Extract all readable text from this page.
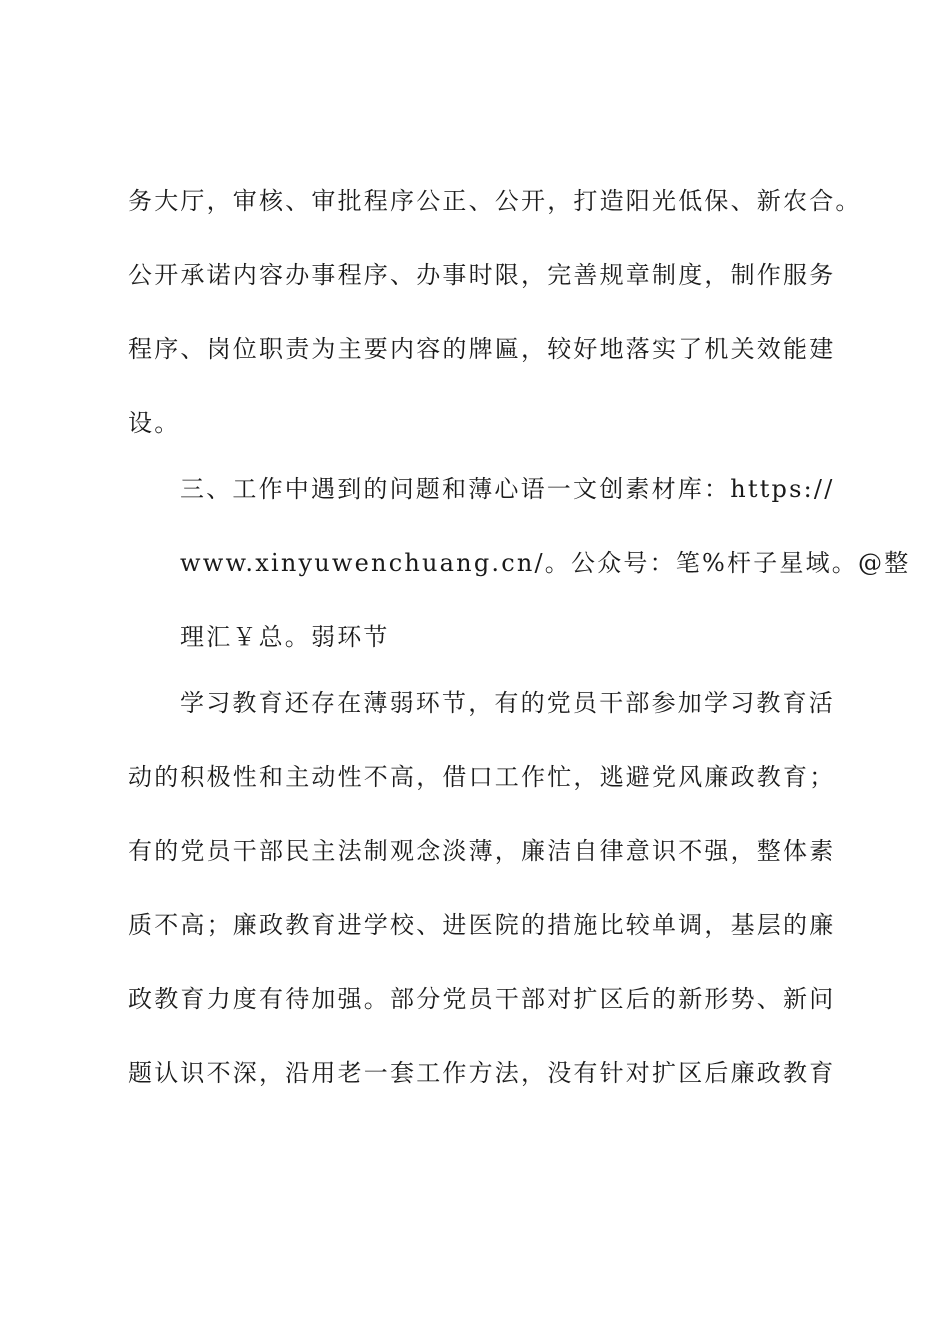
务大厅，审核、审批程序公正、公开，打造阳光低保、新农合。
公开承诺内容办事程序、办事时限，完善规章制度，制作服务
程序、岗位职责为主要内容的牌匾，较好地落实了机关效能建
设。
三、工作中遇到的问题和薄心语一文创素材库：https://
www.xinyuwenchuang.cn/。公众号：笔%杆子星域。@整
理汇￥总。弱环节
学习教育还存在薄弱环节，有的党员干部参加学习教育活
动的积极性和主动性不高，借口工作忙，逃避党风廉政教育；
有的党员干部民主法制观念淡薄，廉洁自律意识不强，整体素
质不高；廉政教育进学校、进医院的措施比较单调，基层的廉
政教育力度有待加强。部分党员干部对扩区后的新形势、新问
题认识不深，沿用老一套工作方法，没有针对扩区后廉政教育
